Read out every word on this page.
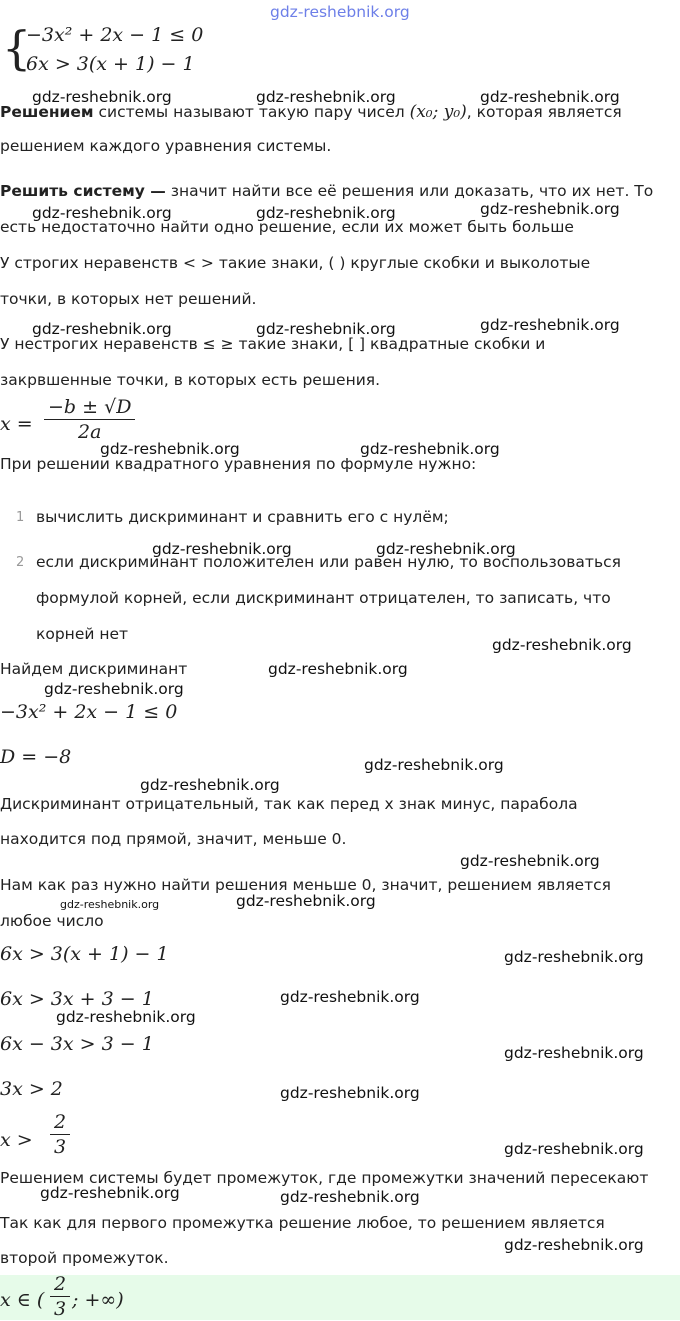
{
−3x² + 2x − 1 ≤ 0
6x > 3(x + 1) − 1
Решением системы называют такую пару чисел (x₀; y₀), которая является
решением каждого уравнения системы.
Решить систему — значит найти все её решения или доказать, что их нет. То
есть недостаточно найти одно решение, если их может быть больше
У строгих неравенств < > такие знаки, ( ) круглые скобки и выколотые
точки, в которых нет решений.
У нестрогих неравенств ≤ ≥ такие знаки, [ ] квадратные скобки и
закрвшенные точки, в которых есть решения.
$x = \frac{-b \pm √D}{2a}$
При решении квадратного уравнения по формуле нужно:
1 вычислить дискриминант и сравнить его с нулём;
2 если дискриминант положителен или равен нулю, то воспользоваться
формулой корней, если дискриминант отрицателен, то записать, что
корней нет
Найдем дискриминант
−3x² + 2x − 1 ≤ 0
D = −8
Дискриминант отрицательный, так как перед x знак минус, парабола
находится под прямой, значит, меньше 0.
Нам как раз нужно найти решения меньше 0, значит, решением является
любое число
6x > 3(x + 1) − 1
6x > 3x + 3 − 1
6x − 3x > 3 − 1
3x > 2
$x > \frac{2}{3}$
Решением системы будет промежуток, где промежутки значений пересекают
Так как для первого промежутка решение любое, то решением является
второй промежуток.
x ∈ ( $\frac{2}{3}$ ; +∞)
gdz-reshebnik.org
gdz-reshebnik.org	gdz-reshebnik.org	gdz-reshebnik.org
gdz-reshebnik.org	gdz-reshebnik.org	gdz-reshebnik.org
gdz-reshebnik.org	gdz-reshebnik.org	gdz-reshebnik.org
gdz-reshebnik.org	gdz-reshebnik.org
gdz-reshebnik.org	gdz-reshebnik.org
gdz-reshebnik.org
gdz-reshebnik.org
gdz-reshebnik.org
gdz-reshebnik.org
gdz-reshebnik.org
gdz-reshebnik.org
gdz-reshebnik.org	gdz-reshebnik.org
gdz-reshebnik.org
gdz-reshebnik.org
gdz-reshebnik.org
gdz-reshebnik.org
gdz-reshebnik.org
gdz-reshebnik.org
gdz-reshebnik.org	gdz-reshebnik.org
gdz-reshebnik.org
